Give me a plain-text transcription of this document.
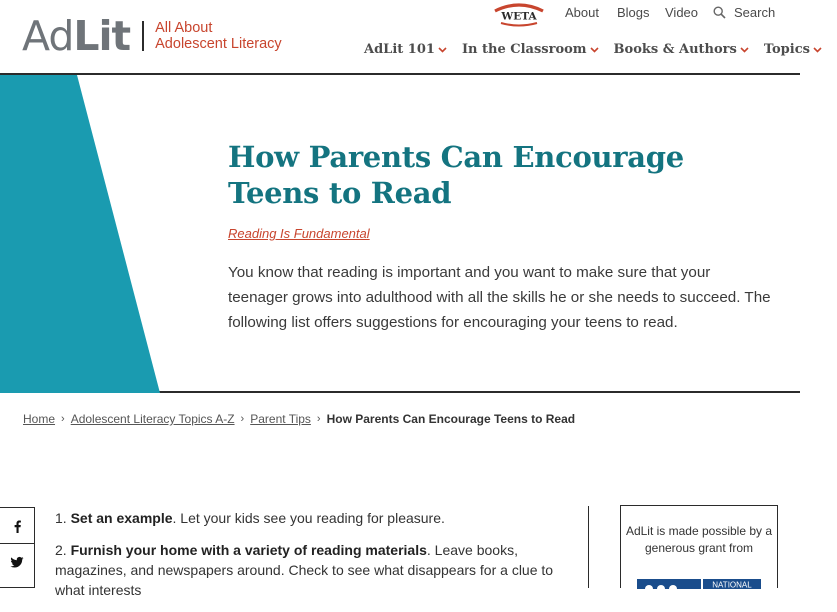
Ad Lit All About
Adolescent Literacy
WETA About Blogs Video	Search
AdLit 101 In the Classroom Books & Authors Topics
How Parents Can Encourage Teens to Read
Reading Is Fundamental

You know that reading is important and you want to make sure that your teenager grows into adulthood with all the skills he or she needs to succeed. The following list offers suggestions for encouraging your teens to read.

Home › Adolescent Literacy Topics A-Z › Parent Tips › How Parents Can Encourage Teens to Read

1. Set an example. Let your kids see you reading for pleasure.

2. Furnish your home with a variety of reading materials. Leave books, magazines, and newspapers around. Check to see what disappears for a clue to what interests

AdLit is made possible by a generous grant from
NATIONAL
